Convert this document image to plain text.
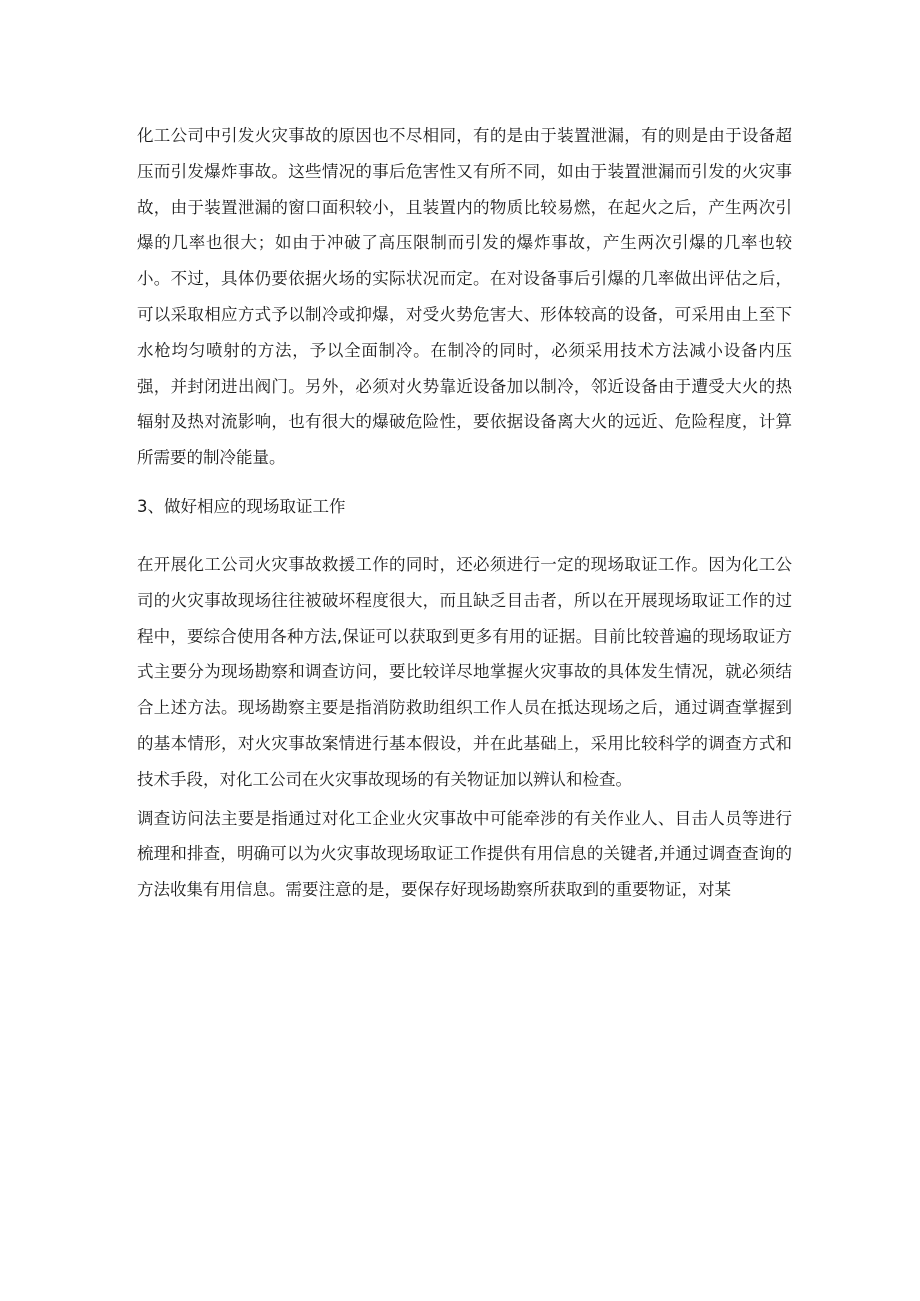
化工公司中引发火灾事故的原因也不尽相同，有的是由于装置泄漏，有的则是由于设备超压而引发爆炸事故。这些情况的事后危害性又有所不同，如由于装置泄漏而引发的火灾事故，由于装置泄漏的窗口面积较小，且装置内的物质比较易燃，在起火之后，产生两次引爆的几率也很大；如由于冲破了高压限制而引发的爆炸事故，产生两次引爆的几率也较小。不过，具体仍要依据火场的实际状况而定。在对设备事后引爆的几率做出评估之后，可以采取相应方式予以制冷或抑爆，对受火势危害大、形体较高的设备，可采用由上至下水枪均匀喷射的方法，予以全面制冷。在制冷的同时，必须采用技术方法减小设备内压强，并封闭进出阀门。另外，必须对火势靠近设备加以制冷，邻近设备由于遭受大火的热辐射及热对流影响，也有很大的爆破危险性，要依据设备离大火的远近、危险程度，计算所需要的制冷能量。

3、做好相应的现场取证工作

在开展化工公司火灾事故救援工作的同时，还必须进行一定的现场取证工作。因为化工公司的火灾事故现场往往被破坏程度很大，而且缺乏目击者，所以在开展现场取证工作的过程中，要综合使用各种方法,保证可以获取到更多有用的证据。目前比较普遍的现场取证方式主要分为现场勘察和调查访问，要比较详尽地掌握火灾事故的具体发生情况，就必须结合上述方法。现场勘察主要是指消防救助组织工作人员在抵达现场之后，通过调查掌握到的基本情形，对火灾事故案情进行基本假设，并在此基础上，采用比较科学的调查方式和技术手段，对化工公司在火灾事故现场的有关物证加以辨认和检查。

调查访问法主要是指通过对化工企业火灾事故中可能牵涉的有关作业人、目击人员等进行梳理和排查，明确可以为火灾事故现场取证工作提供有用信息的关键者,并通过调查查询的方法收集有用信息。需要注意的是，要保存好现场勘察所获取到的重要物证，对某
